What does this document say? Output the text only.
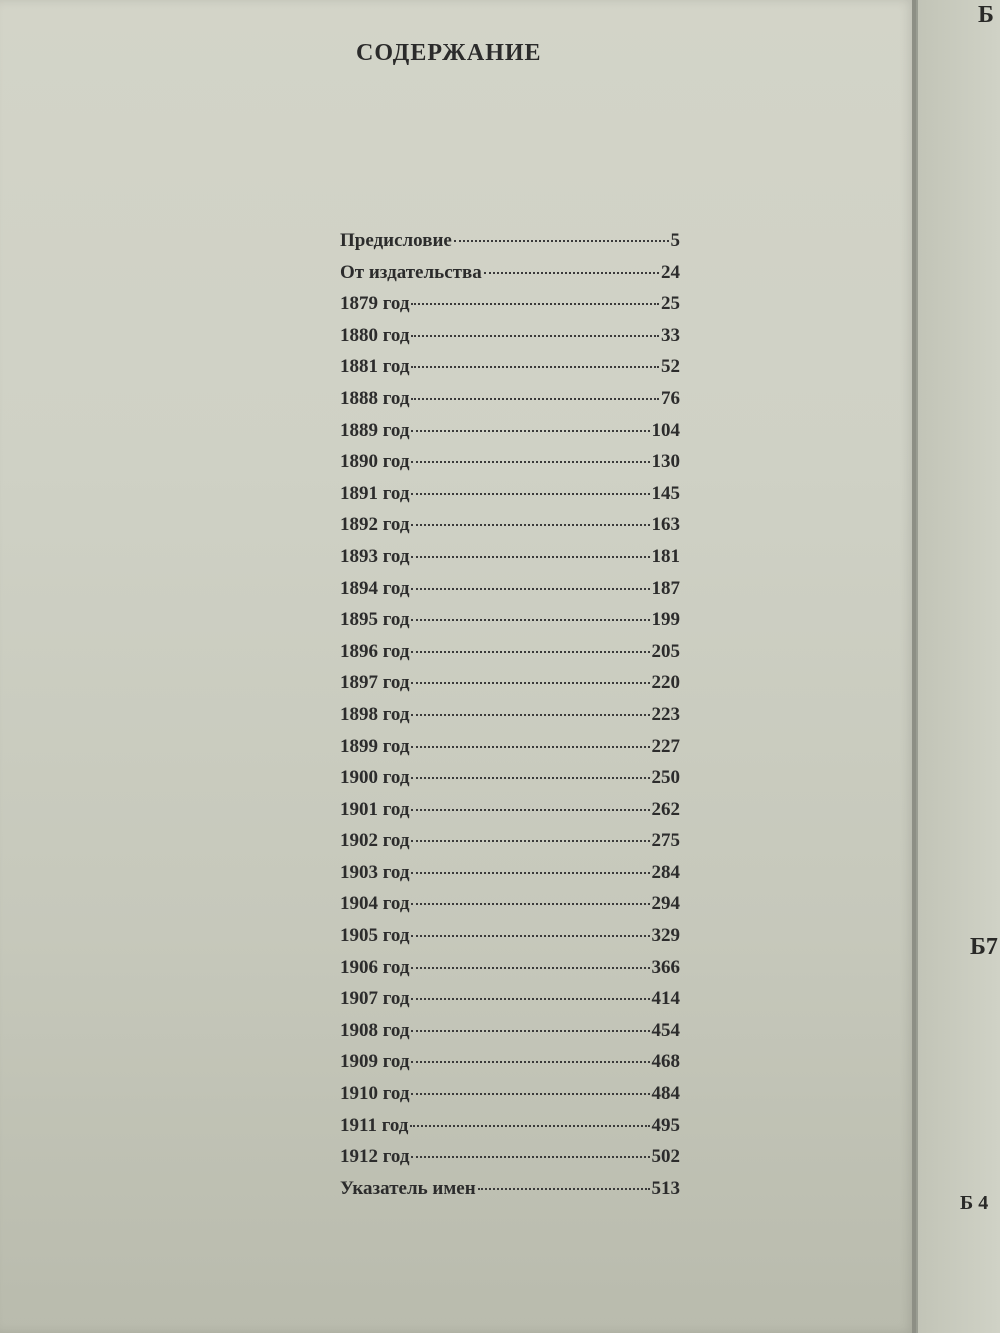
СОДЕРЖАНИЕ
Предисловие	5
От издательства	24
1879 год	25
1880 год	33
1881 год	52
1888 год	76
1889 год	104
1890 год	130
1891 год	145
1892 год	163
1893 год	181
1894 год	187
1895 год	199
1896 год	205
1897 год	220
1898 год	223
1899 год	227
1900 год	250
1901 год	262
1902 год	275
1903 год	284
1904 год	294
1905 год	329
1906 год	366
1907 год	414
1908 год	454
1909 год	468
1910 год	484
1911 год	495
1912 год	502
Указатель имен	513
Б
Б7
Б 4
